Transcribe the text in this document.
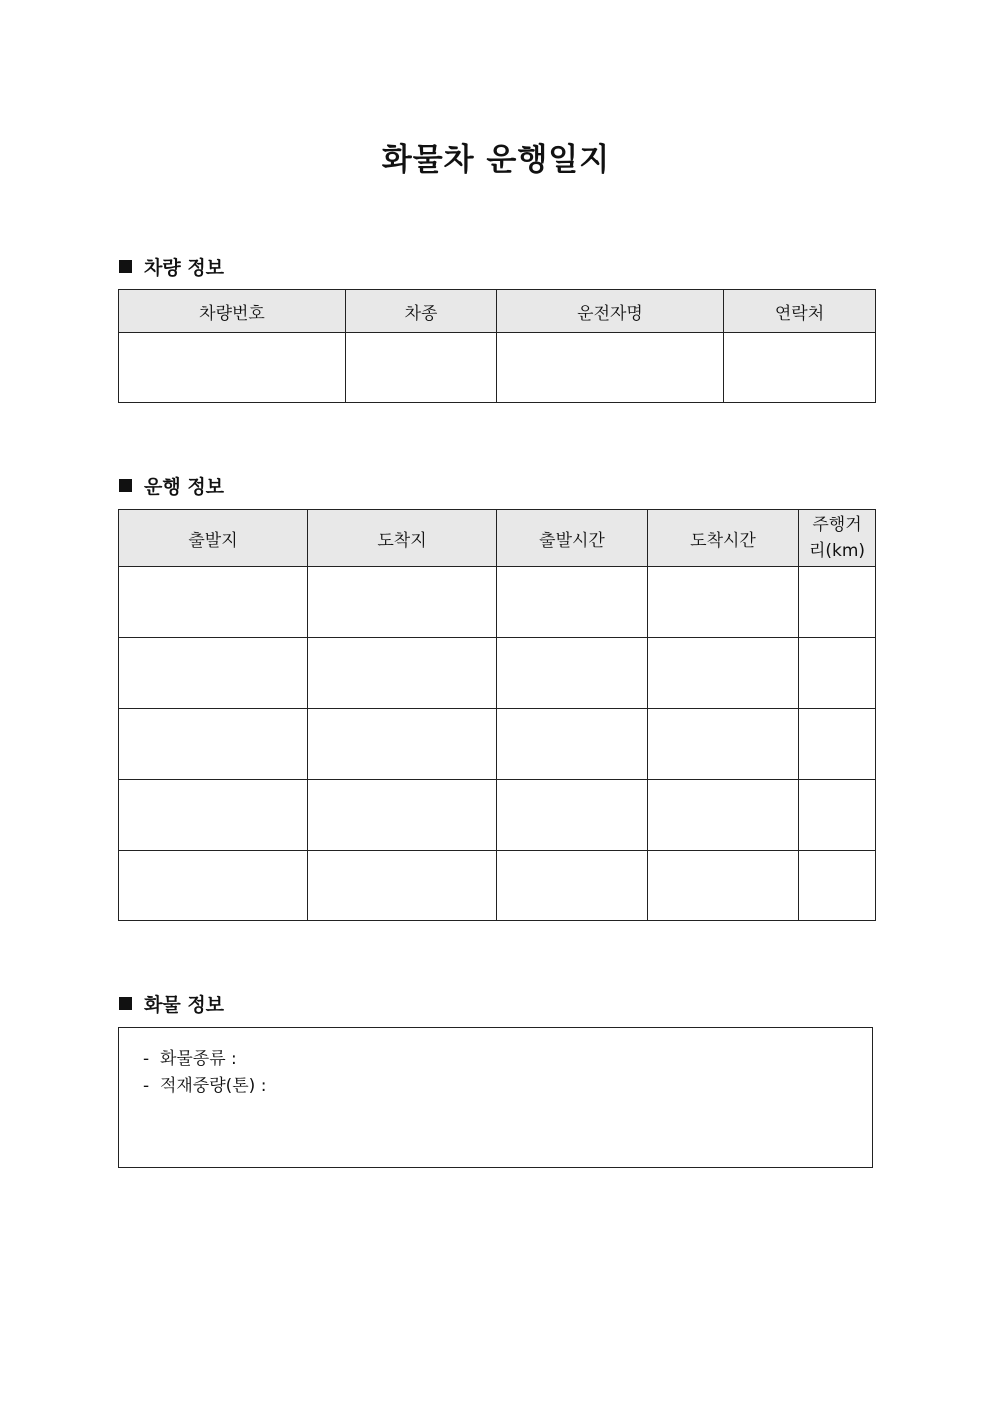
화물차 운행일지
차량 정보
차량번호	차종	운전자명	연락처

운행 정보
출발지	도착지	출발시간	도착시간	주행거
리(km)

화물 정보
-  화물종류 :
-  적재중량(톤) :
